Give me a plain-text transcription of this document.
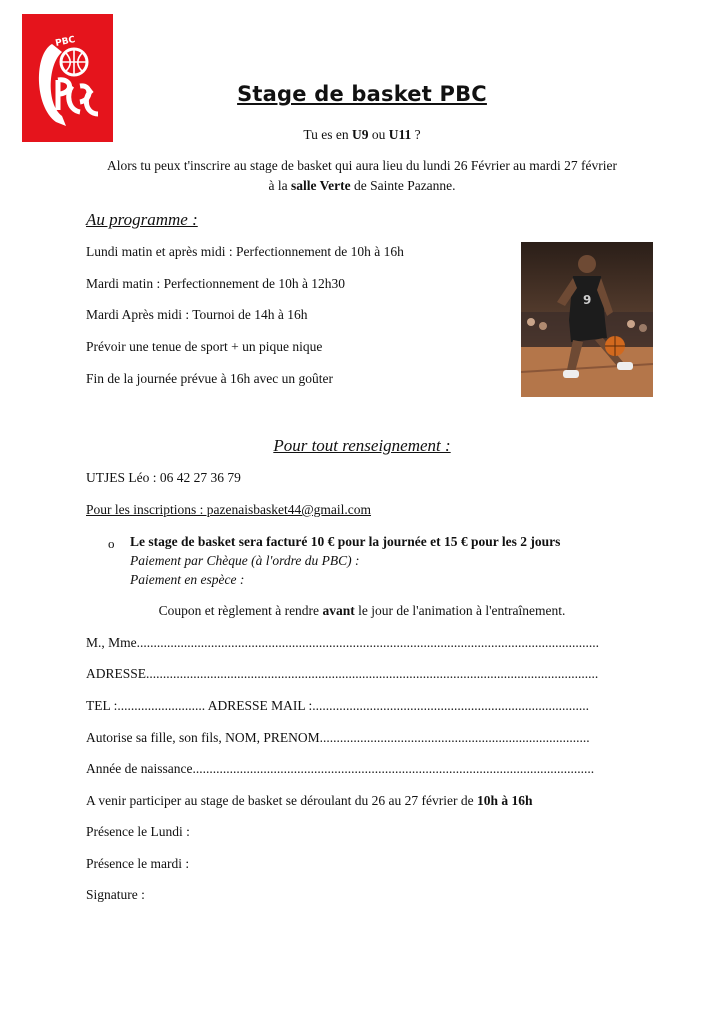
PBC
Stage de basket PBC
Tu es en U9 ou U11 ?
Alors tu peux t'inscrire au stage de basket qui aura lieu du lundi 26 Février au mardi 27 février
à la salle Verte de Sainte Pazanne.
Au programme :
Lundi matin et après midi : Perfectionnement de 10h à 16h
Mardi matin : Perfectionnement de 10h à 12h30
Mardi Après midi : Tournoi de 14h à 16h
Prévoir une tenue de sport + un pique nique
Fin de la journée prévue à 16h avec un goûter
9
Pour tout renseignement :
UTJES Léo : 06 42 27 36 79
Pour les inscriptions : pazenaisbasket44@gmail.com
o Le stage de basket sera facturé 10 € pour la journée et 15 € pour les 2 jours
Paiement par Chèque (à l'ordre du PBC) :
Paiement en espèce :
Coupon et règlement à rendre avant le jour de l'animation à l'entraînement.
M., Mme.........................................................................................................................................
ADRESSE......................................................................................................................................
TEL :.......................... ADRESSE MAIL :..................................................................................
Autorise sa fille, son fils, NOM, PRENOM................................................................................
Année de naissance.......................................................................................................................
A venir participer au stage de basket se déroulant du 26 au 27 février de 10h à 16h
Présence le Lundi :
Présence le mardi :
Signature :
